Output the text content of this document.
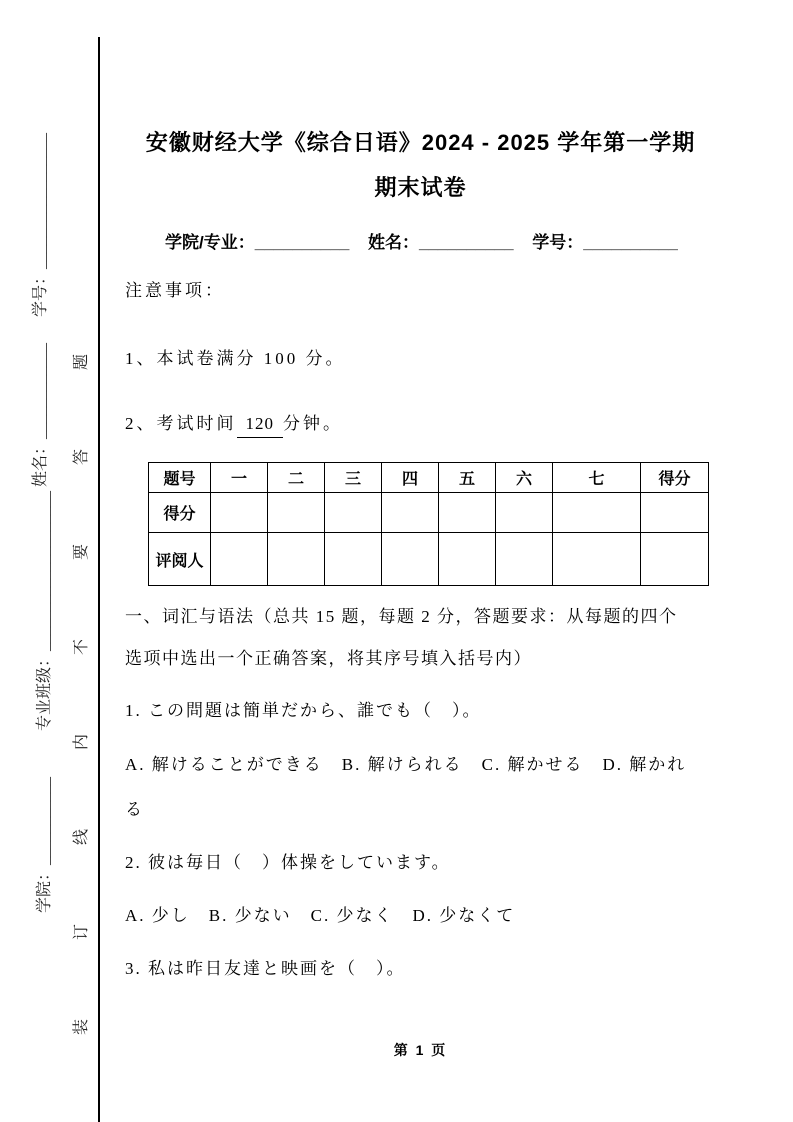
学号：_________________
姓名：____________
专业班级：____________________
学院：___________ 装订线内不要答题
安徽财经大学《综合日语》2024 - 2025 学年第一学期
期末试卷
学院/专业：__________ 姓名：__________ 学号：__________
注意事项：
1、本试卷满分 100 分。
2、考试时间 120 分钟。
题号	一	二	三	四	五	六	七	得分
得分								
评阅人								
一、词汇与语法（总共 15 题，每题 2 分，答题要求：从每题的四个
选项中选出一个正确答案，将其序号填入括号内）
1. この問題は簡単だから、誰でも（　）。
A. 解けることができる　B. 解けられる　C. 解かせる　D. 解かれ
る
2. 彼は毎日（　）体操をしています。
A. 少し　B. 少ない　C. 少なく　D. 少なくて
3. 私は昨日友達と映画を（　）。
第 1 页
